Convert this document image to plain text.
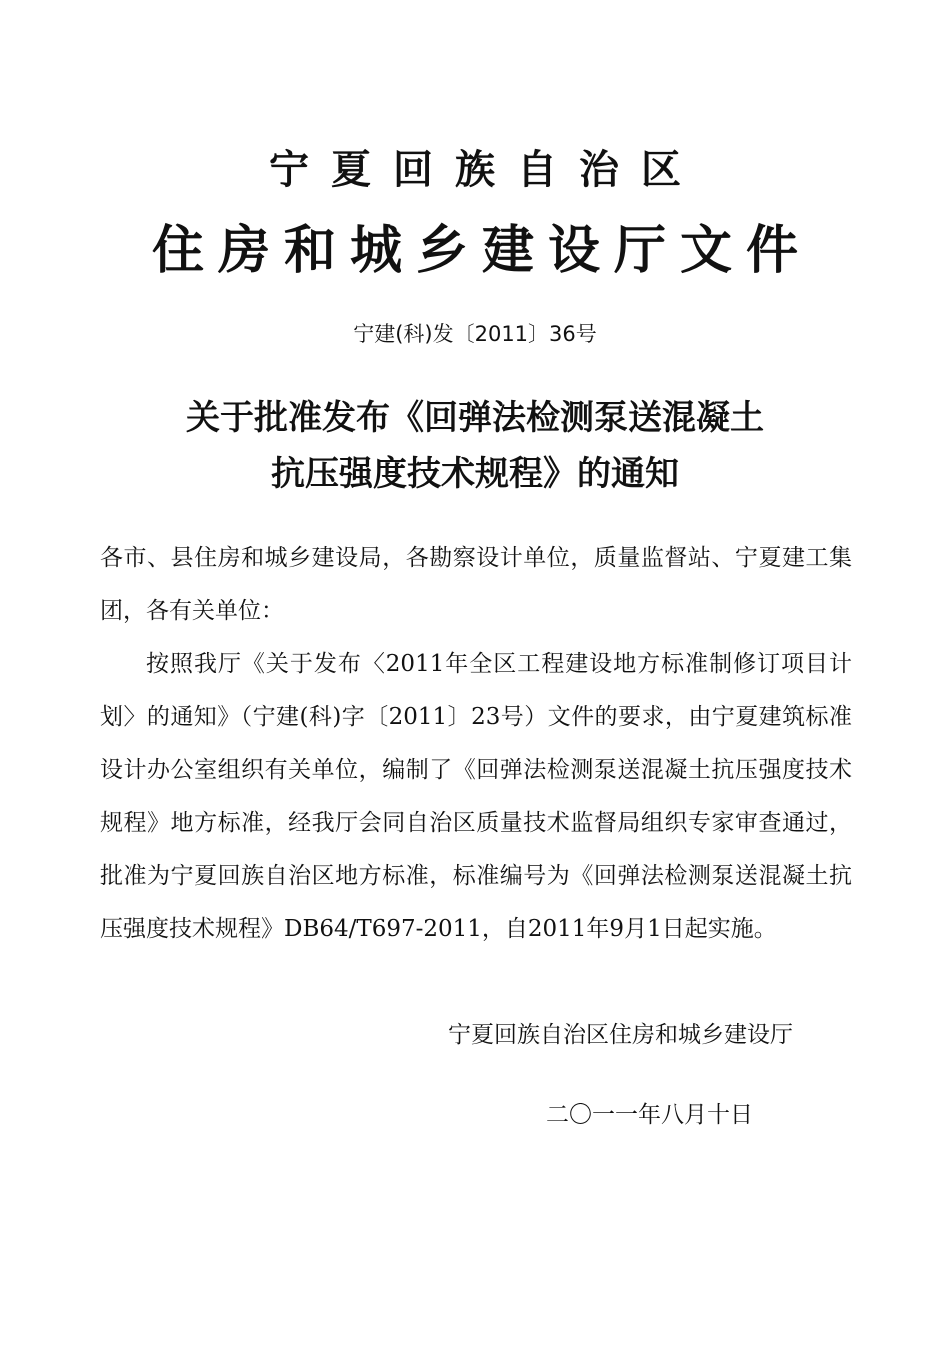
宁夏回族自治区
住房和城乡建设厅文件
宁建(科)发〔2011〕36号
关于批准发布《回弹法检测泵送混凝土
抗压强度技术规程》的通知

各市、县住房和城乡建设局，各勘察设计单位，质量监督站、宁夏建工集团，各有关单位：

按照我厅《关于发布〈2011年全区工程建设地方标准制修订项目计划〉的通知》（宁建(科)字〔2011〕23号）文件的要求，由宁夏建筑标准设计办公室组织有关单位，编制了《回弹法检测泵送混凝土抗压强度技术规程》地方标准，经我厅会同自治区质量技术监督局组织专家审查通过，批准为宁夏回族自治区地方标准，标准编号为《回弹法检测泵送混凝土抗压强度技术规程》DB64/T697-2011，自2011年9月1日起实施。

宁夏回族自治区住房和城乡建设厅
二〇一一年八月十日
